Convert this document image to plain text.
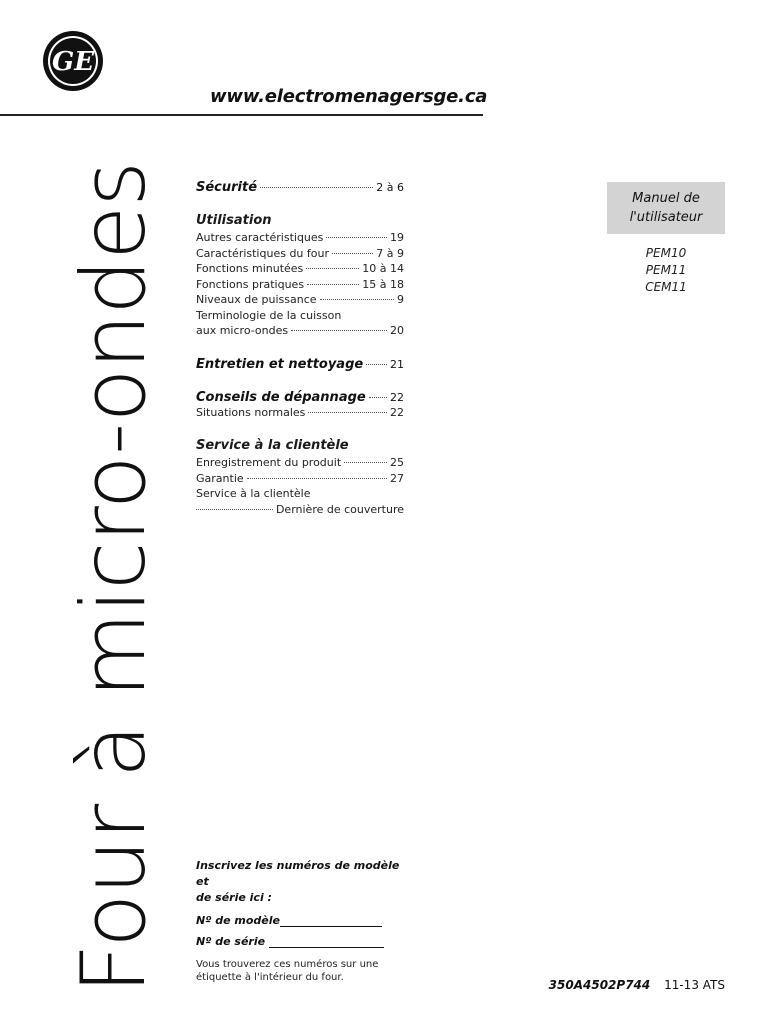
GE
www.electromenagersge.ca
Four à micro-ondes Sécurité	2 à 6
Utilisation
Autres caractéristiques	19
Caractéristiques du four	7 à 9
Fonctions minutées	10 à 14
Fonctions pratiques	15 à 18
Niveaux de puissance	9
Terminologie de la cuisson
aux micro-ondes	20
Entretien et nettoyage 21
Conseils de dépannage 22
Situations normales	22
Service à la clientèle
Enregistrement du produit	25
Garantie	27
Service à la clientèle
Dernière de couverture
Manuel de
l'utilisateur
PEM10
PEM11
CEM11
Inscrivez les numéros de modèle et
de série ici :
Nº de modèle
Nº de série
Vous trouverez ces numéros sur une
étiquette à l'intérieur du four.
350A4502P744 11-13 ATS
